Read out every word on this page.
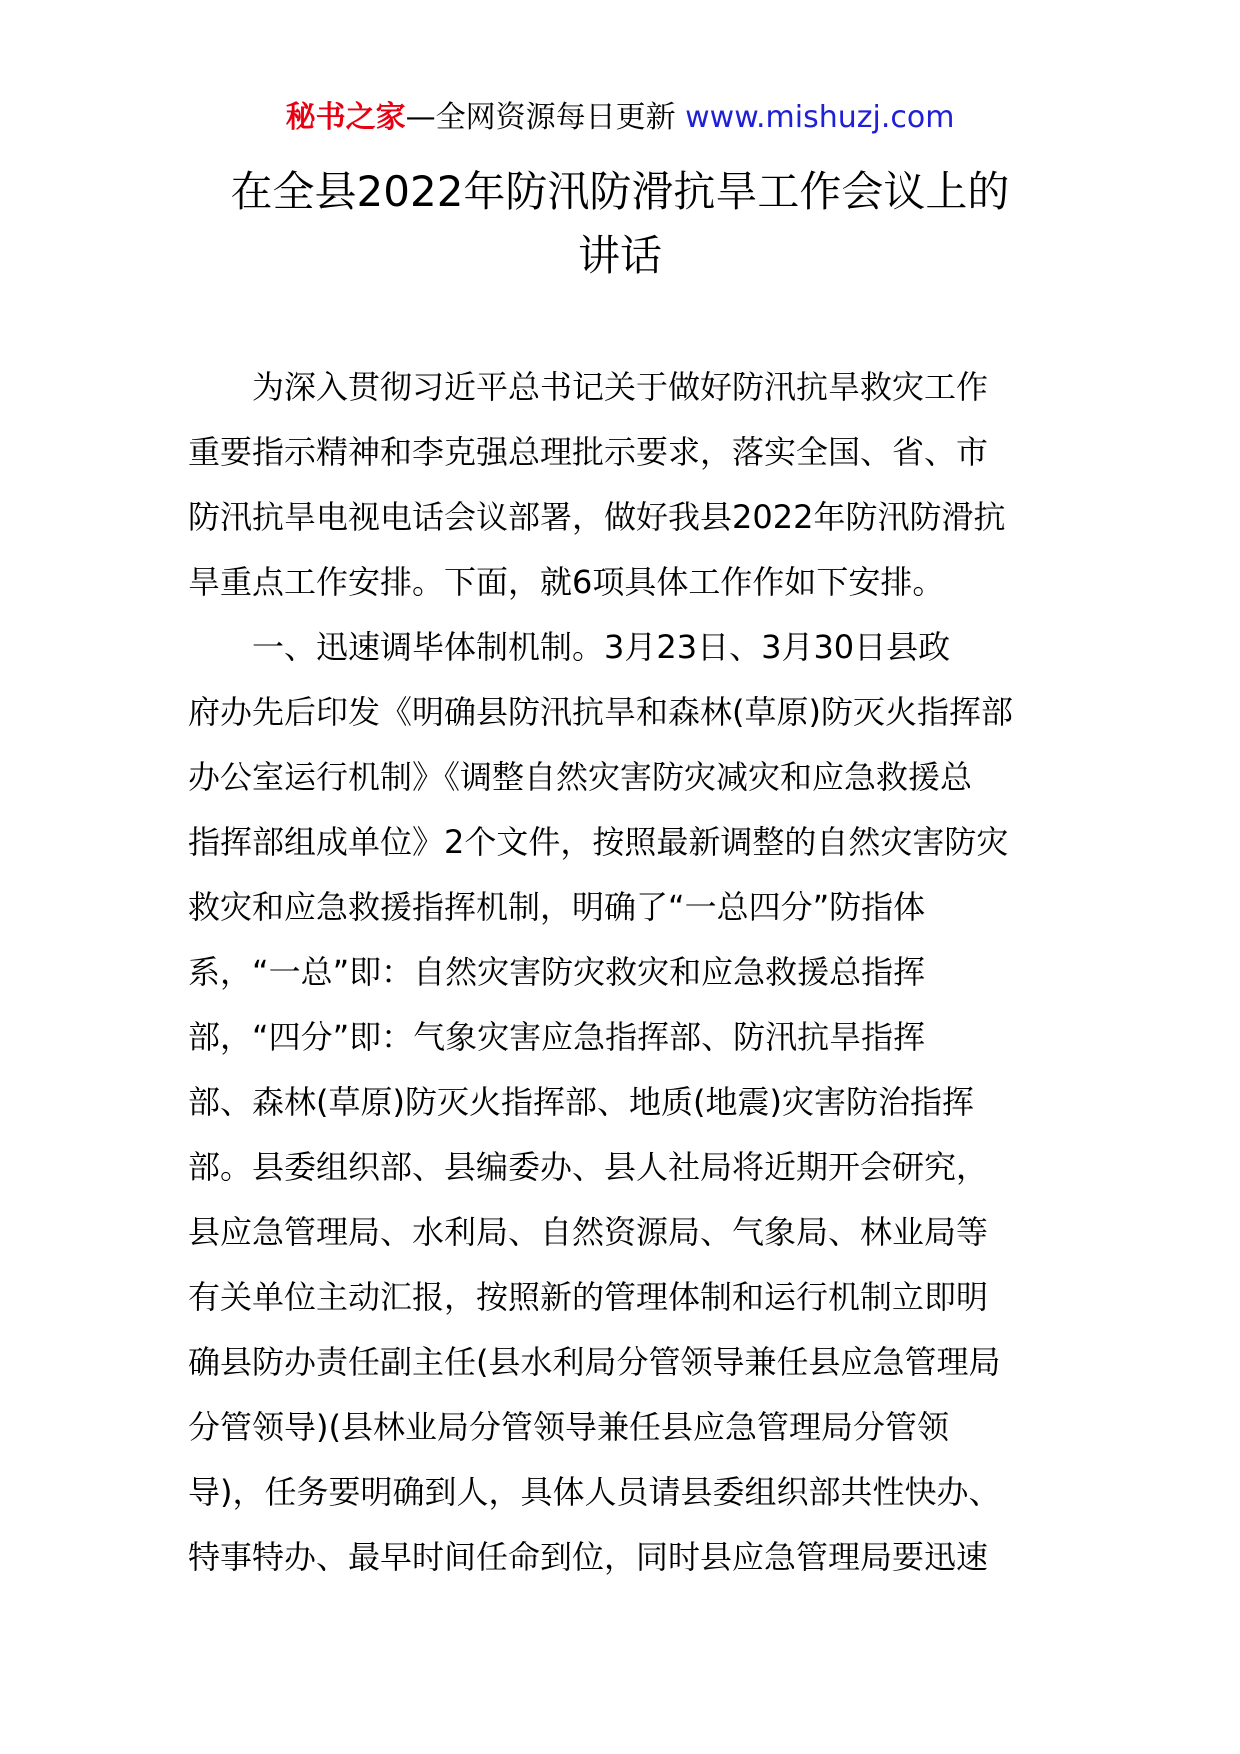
秘书之家—全网资源每日更新 www.mishuzj.com
在全县2022年防汛防滑抗旱工作会议上的
讲话
为深入贯彻习近平总书记关于做好防汛抗旱救灾工作
重要指示精神和李克强总理批示要求，落实全国、省、市
防汛抗旱电视电话会议部署，做好我县2022年防汛防滑抗
旱重点工作安排。下面，就6项具体工作作如下安排。
一、迅速调毕体制机制。3月23日、3月30日县政
府办先后印发《明确县防汛抗旱和森林(草原)防灭火指挥部
办公室运行机制》《调整自然灾害防灾减灾和应急救援总
指挥部组成单位》2个文件，按照最新调整的自然灾害防灾
救灾和应急救援指挥机制，明确了“一总四分”防指体
系，“一总”即：自然灾害防灾救灾和应急救援总指挥
部，“四分”即：气象灾害应急指挥部、防汛抗旱指挥
部、森林(草原)防灭火指挥部、地质(地震)灾害防治指挥
部。县委组织部、县编委办、县人社局将近期开会研究，
县应急管理局、水利局、自然资源局、气象局、林业局等
有关单位主动汇报，按照新的管理体制和运行机制立即明
确县防办责任副主任(县水利局分管领导兼任县应急管理局
分管领导)(县林业局分管领导兼任县应急管理局分管领
导)，任务要明确到人，具体人员请县委组织部共性快办、
特事特办、最早时间任命到位，同时县应急管理局要迅速
